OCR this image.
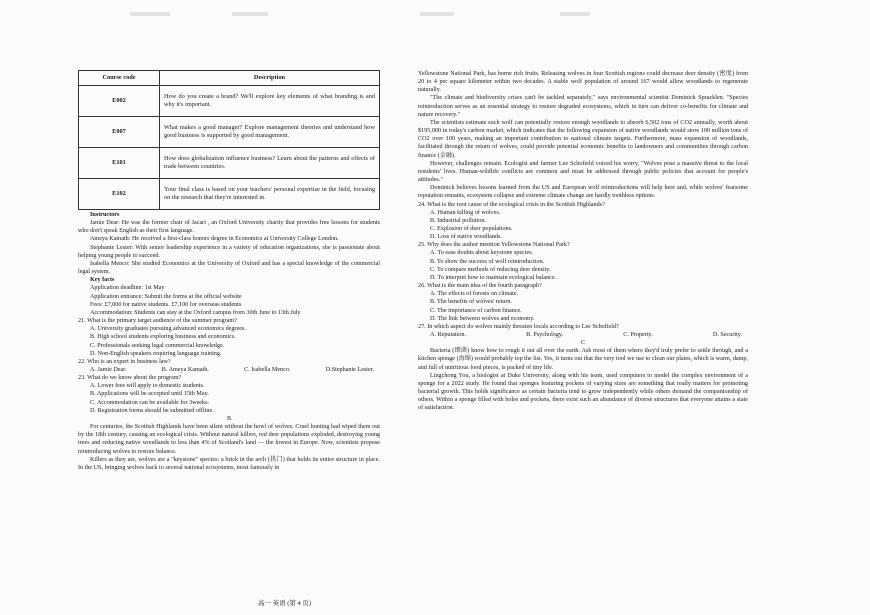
Course code	Description
E002	How do you create a brand? We'll explore key elements of what branding is and why it's important.
E007	What makes a good manager? Explore management theories and understand how good business is supported by good management.
E101	How does globalization influence business? Learn about the patterns and effects of trade between countries.
E102	Your final class is based on your teachers' personal expertise in the field, focusing on the research that they're interested in.

Instructors

Jamie Dear: He was the former chair of Jacari , an Oxford University charity that provides free lessons for students who don't speak English as their first language.

Ameya Kamath: He received a first-class honors degree in Economics at University College London.

Stephanie Lester: With senior leadership experience in a variety of education organizations, she is passionate about helping young people to succeed.

Isabella Menco: She studied Economics at the University of Oxford and has a special knowledge of the commercial legal system.

Key facts

Application deadline: 1st May

Application entrance: Submit the forms at the official website

Fees: £7,000 for native students. £7,100 for overseas students

Accommodation: Students can stay at the Oxford campus from 30th June to 13th July

21. What is the primary target audience of the summer program?

A. University graduates pursuing advanced economics degrees.

B. High school students exploring business and economics.

C. Professionals seeking legal commercial knowledge.

D. Non-English speakers requiring language training.

22. Who is an expert in business law?

A. Jamie Dear.	B. Ameya Kamath.	C. Isabella Menco.	D.Stephanie Lester.

23. What do we know about the program?

A. Lower fees will apply to domestic students.

B. Applications will be accepted until 15th May.

C. Accommodation can be available for 3weeks.

D. Registration forms should be submitted offline.

B

For centuries, the Scottish Highlands have been silent without the howl of wolves. Cruel hunting had wiped them out by the 18th century, causing an ecological crisis. Without natural killers, red deer populations exploded, destroying young trees and reducing native woodlands to less than 4% of Scotland's land — the lowest in Europe. Now, scientists propose reintroducing wolves to restore balance.

Killers as they are, wolves are a "keystone" species: a brick in the arch (拱门) that holds its entire structure in place. In the US, bringing wolves back to several national ecosystems, most famously in

Yellowstone National Park, has borne rich fruits. Releasing wolves in four Scottish regions could decrease deer density (密度) from 20 to 4 per square kilometer within two decades. A stable wolf population of around 167 would allow woodlands to regenerate naturally.

"The climate and biodiversity crises can't be tackled separately," says environmental scientist Dominick Spracklen. "Species reintroduction serves as an essential strategy to restore degraded ecosystems, which in turn can deliver co-benefits for climate and nature recovery."

The scientists estimate each wolf can potentially restore enough woodlands to absorb 6,502 tons of CO2 annually, worth about $195,000 in today's carbon market, which indicates that the following expansion of native woodlands would store 100 million tons of CO2 over 100 years, making an important contribution to national climate targets. Furthermore, mass expansion of woodlands, facilitated through the return of wolves, could provide potential economic benefits to landowners and communities through carbon finance (金融).

However, challenges remain. Ecologist and farmer Lee Schofield voiced his worry, "Wolves pose a massive threat to the local residents' lives. Human-wildlife conflicts are common and must be addressed through public policies that account for people's attitudes."

Dominick believes lessons learned from the US and European wolf reintroductions will help here and, while wolves' fearsome reputation remains, ecosystem collapse and extreme climate change are hardly toothless options.

24. What is the root cause of the ecological crisis in the Scottish Highlands?

A. Human killing of wolves.

B. Industrial pollution.

C. Explosion of deer populations.

D. Loss of native woodlands.

25. Why does the author mention Yellowstone National Park?

A. To ease doubts about keystone species.

B. To show the success of wolf reintroduction.

C. To compare methods of reducing deer density.

D. To interpret how to maintain ecological balance.

26. What is the main idea of the fourth paragraph?

A. The effects of forests on climate.

B. The benefits of wolves' return.

C. The importance of carbon finance.

D. The link between wolves and economy.

27. In which aspect do wolves mainly threaten locals according to Lee Schofield?

A. Reputation.	B. Psychology.	C. Property.	D. Security.

C

Bacteria (细菌) know how to rough it out all over the earth. Ask most of them where they'd truly prefer to settle through, and a kitchen sponge (海绵) would probably top the list. Yes, it turns out that the very tool we use to clean our plates, which is warm, damp, and full of nutritious food pieces, is packed of tiny life.

Lingchong You, a biologist at Duke University, along with his team, used computers to model the complex environment of a sponge for a 2022 study. He found that sponges featuring pockets of varying sizes are something that really matters for promoting bacterial growth. This holds significance as certain bacteria tend to grow independently while others demand the companionship of others. Within a sponge filled with holes and pockets, there exist such an abundance of diverse structures that everyone attains a state of satisfaction.

高一 英语 (第 4 页)
